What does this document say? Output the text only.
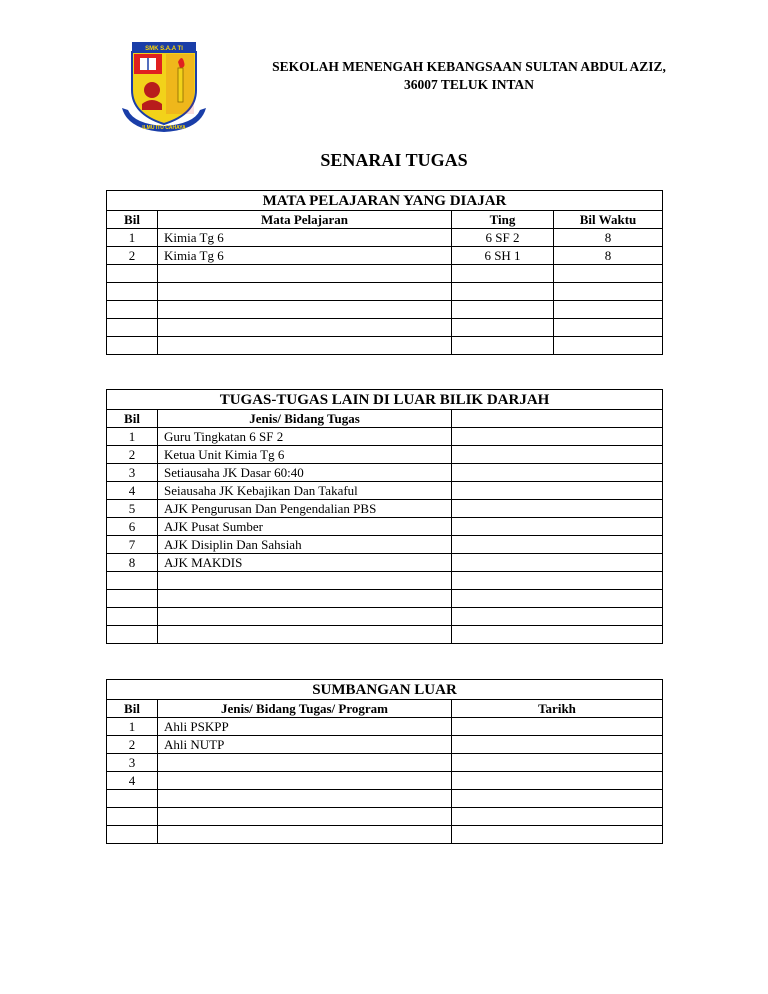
SMK S.A.A TI
ILMU ITU CAHAYA
SEKOLAH MENENGAH KEBANGSAAN SULTAN ABDUL AZIZ,
36007 TELUK INTAN
SENARAI TUGAS
MATA PELAJARAN YANG DIAJAR			
Bil	Mata Pelajaran	Ting	Bil Waktu
1	Kimia Tg 6	6 SF 2	8
2	Kimia Tg 6	6 SH 1	8

TUGAS-TUGAS LAIN DI LUAR BILIK DARJAH		
Bil	Jenis/ Bidang Tugas	
1	Guru Tingkatan 6 SF 2	
2	Ketua Unit Kimia Tg 6	
3	Setiausaha JK Dasar 60:40	
4	Seiausaha JK Kebajikan Dan Takaful	
5	AJK Pengurusan Dan Pengendalian PBS	
6	AJK Pusat Sumber	
7	AJK Disiplin Dan Sahsiah	
8	AJK MAKDIS	

SUMBANGAN LUAR		
Bil	Jenis/ Bidang Tugas/ Program	Tarikh
1	Ahli PSKPP	
2	Ahli NUTP	
3		
4		
